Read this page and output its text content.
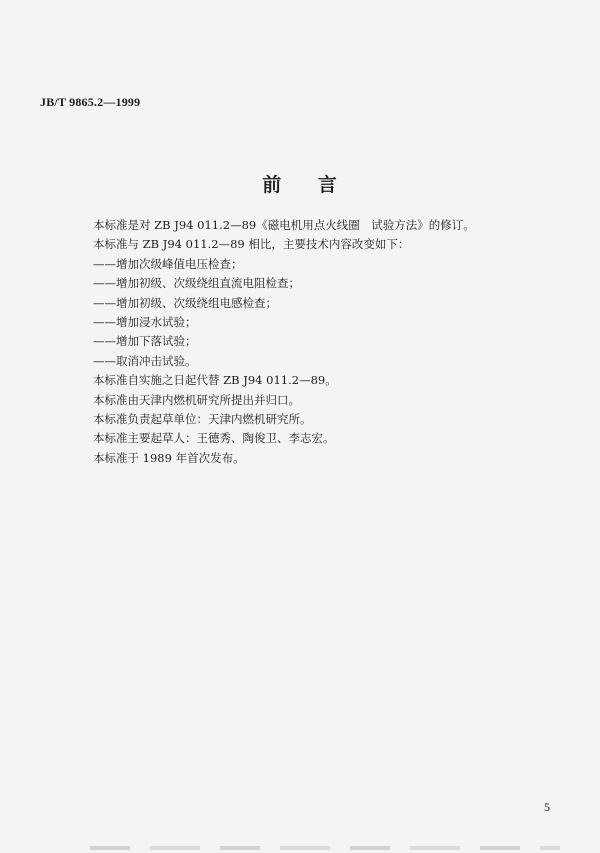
JB/T 9865.2—1999
前 言
本标准是对 ZB J94 011.2—89《磁电机用点火线圈　试验方法》的修订。
本标准与 ZB J94 011.2—89 相比，主要技术内容改变如下：
——增加次级峰值电压检查；
——增加初级、次级绕组直流电阻检查；
——增加初级、次级绕组电感检查；
——增加浸水试验；
——增加下落试验；
——取消冲击试验。
本标准自实施之日起代替 ZB J94 011.2—89。
本标准由天津内燃机研究所提出并归口。
本标准负责起草单位：天津内燃机研究所。
本标准主要起草人：王德秀、陶俊卫、李志宏。
本标准于 1989 年首次发布。
5
